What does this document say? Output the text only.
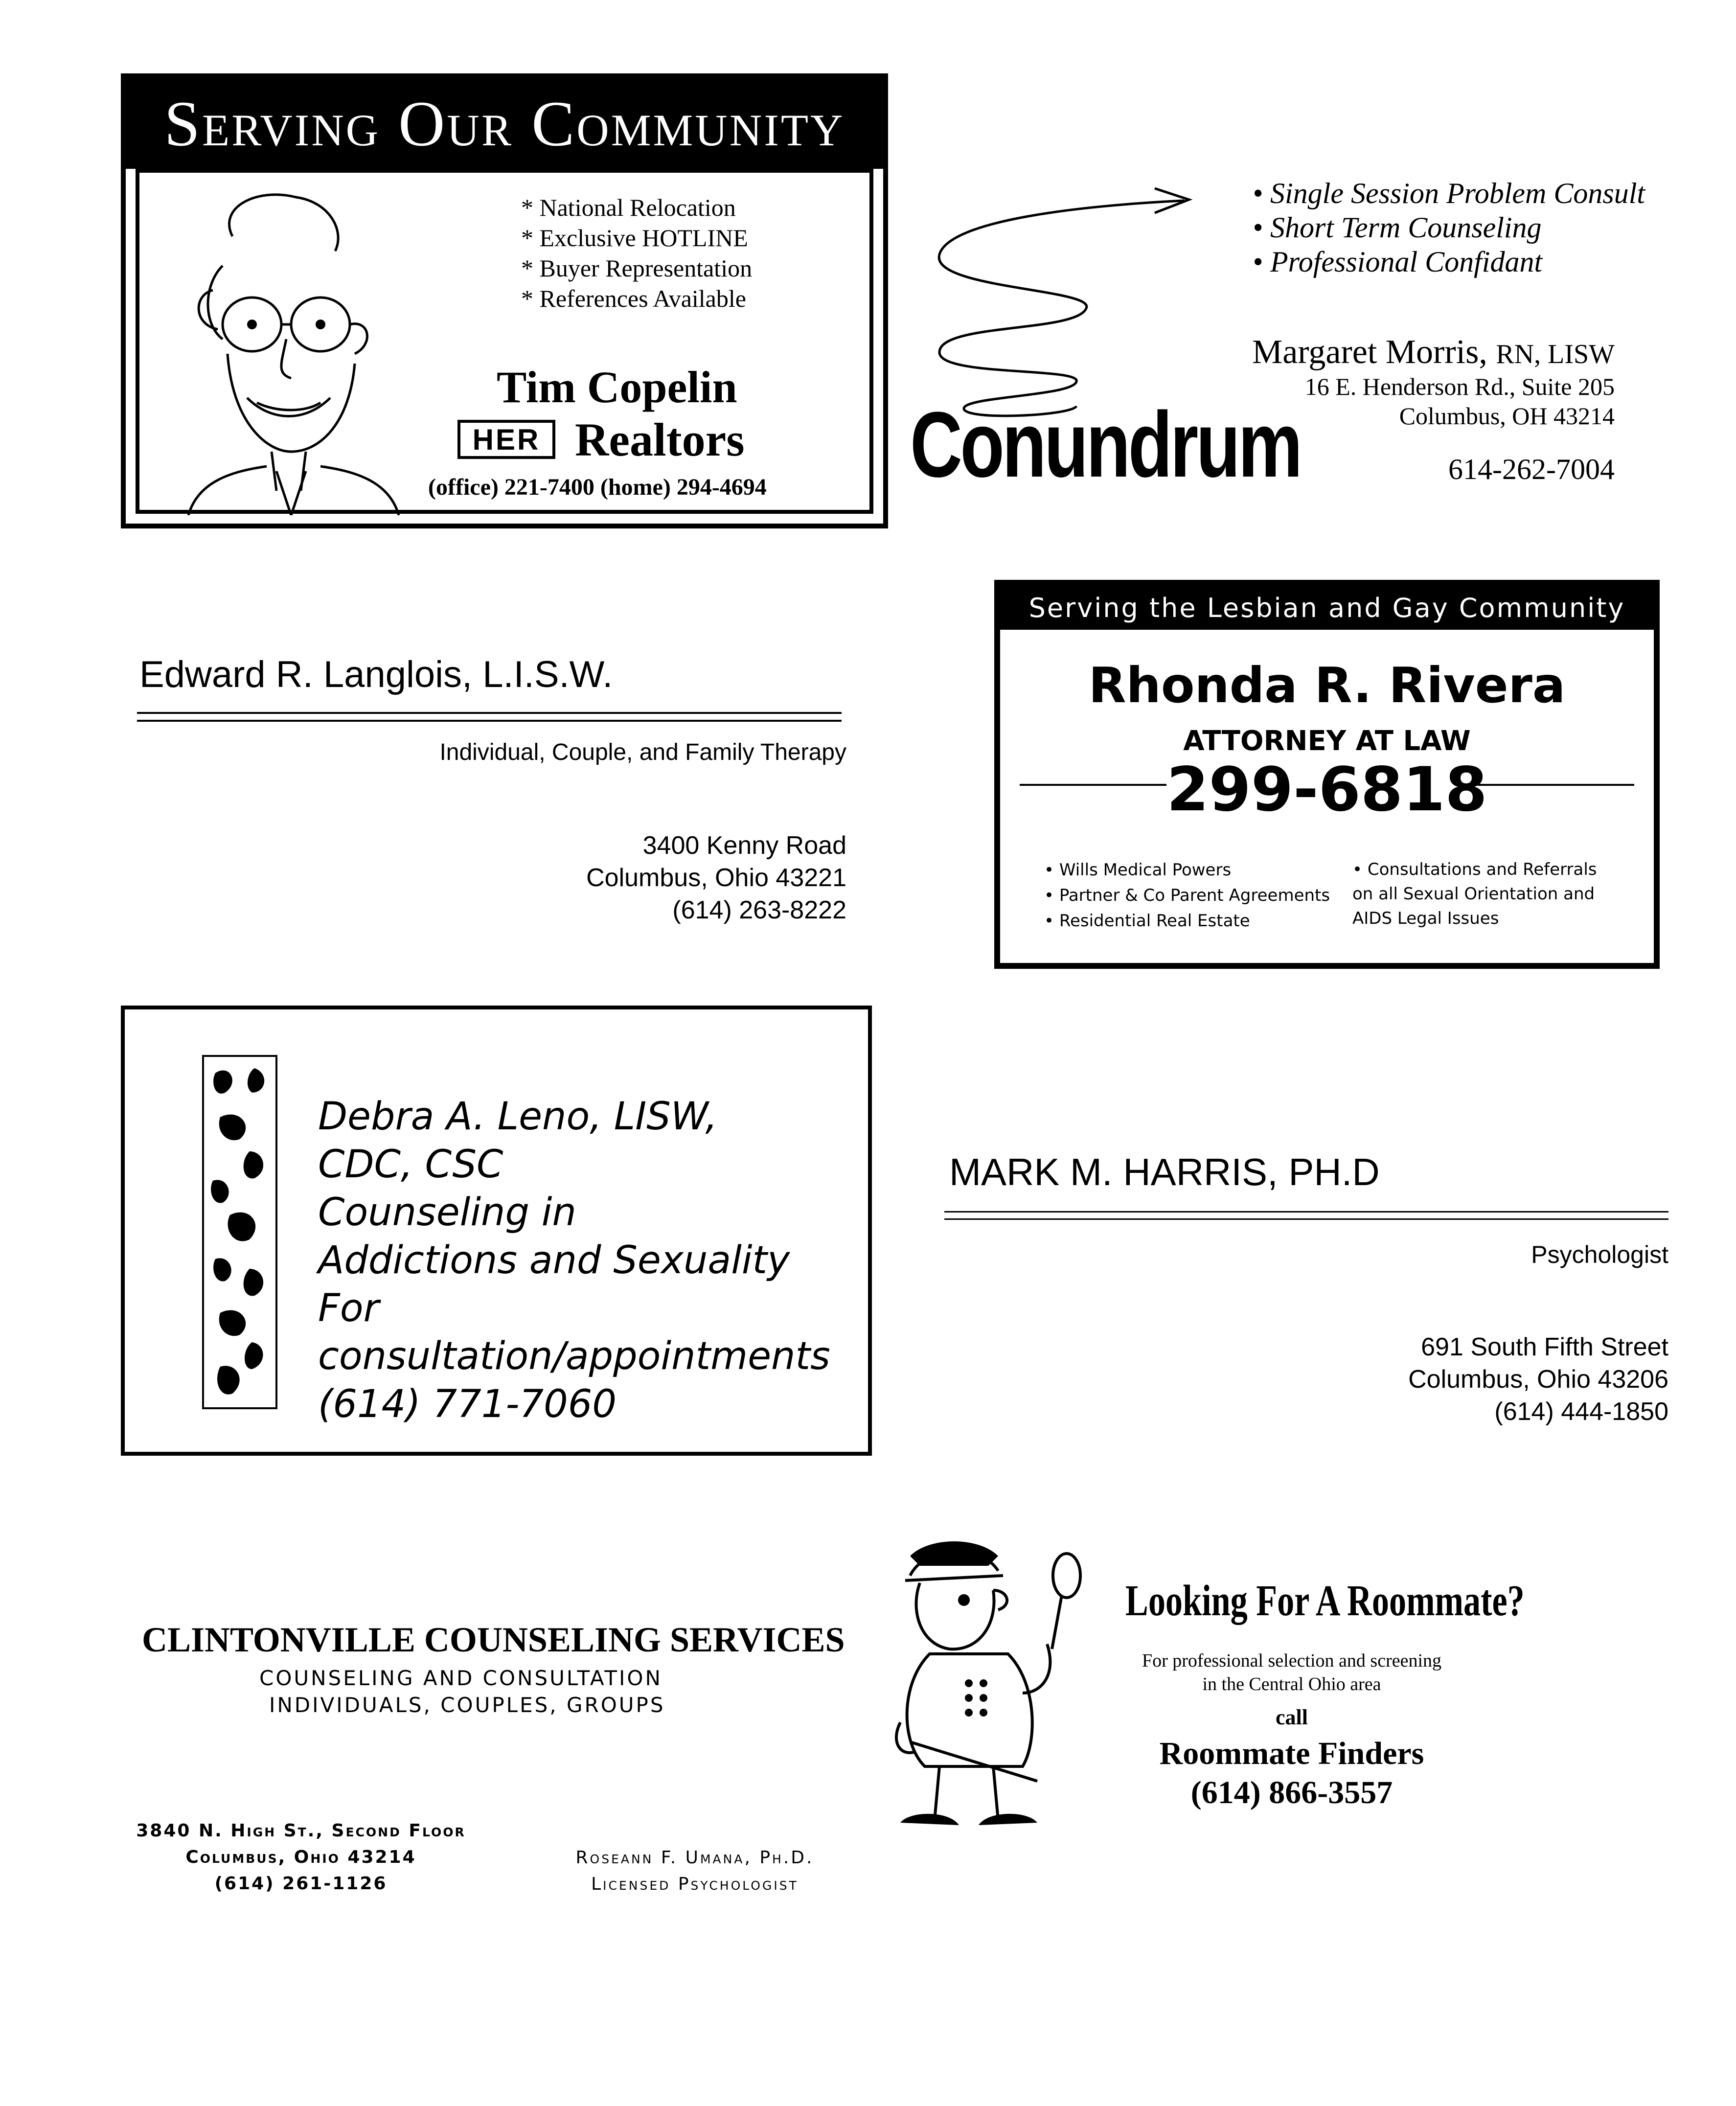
Serving Our Community
* National Relocation
* Exclusive HOTLINE
* Buyer Representation
* References Available
Tim Copelin
HER Realtors
(office) 221-7400 (home) 294-4694 Conundrum
• Single Session Problem Consult
• Short Term Counseling
• Professional Confidant
Margaret Morris, RN, LISW
16 E. Henderson Rd., Suite 205
Columbus, OH 43214
614-262-7004
Edward R. Langlois, L.I.S.W.
Individual, Couple, and Family Therapy
3400 Kenny Road
Columbus, Ohio 43221
(614) 263-8222
Serving the Lesbian and Gay Community
Rhonda R. Rivera
ATTORNEY AT LAW
299-6818
• Wills Medical Powers
• Partner & Co Parent Agreements
• Residential Real Estate
• Consultations and Referrals
on all Sexual Orientation and
AIDS Legal Issues
Debra A. Leno, LISW,
CDC, CSC
Counseling in
Addictions and Sexuality
For consultation/appointments
(614) 771-7060
MARK M. HARRIS, PH.D
Psychologist
691 South Fifth Street
Columbus, Ohio 43206
(614) 444-1850
CLINTONVILLE COUNSELING SERVICES
COUNSELING AND CONSULTATION
INDIVIDUALS, COUPLES, GROUPS
3840 N. High St., Second Floor
Columbus, Ohio 43214
(614) 261-1126
Roseann F. Umana, Ph.D.
Licensed Psychologist
Looking For A Roommate?
For professional selection and screening
in the Central Ohio area
call
Roommate Finders
(614) 866-3557
